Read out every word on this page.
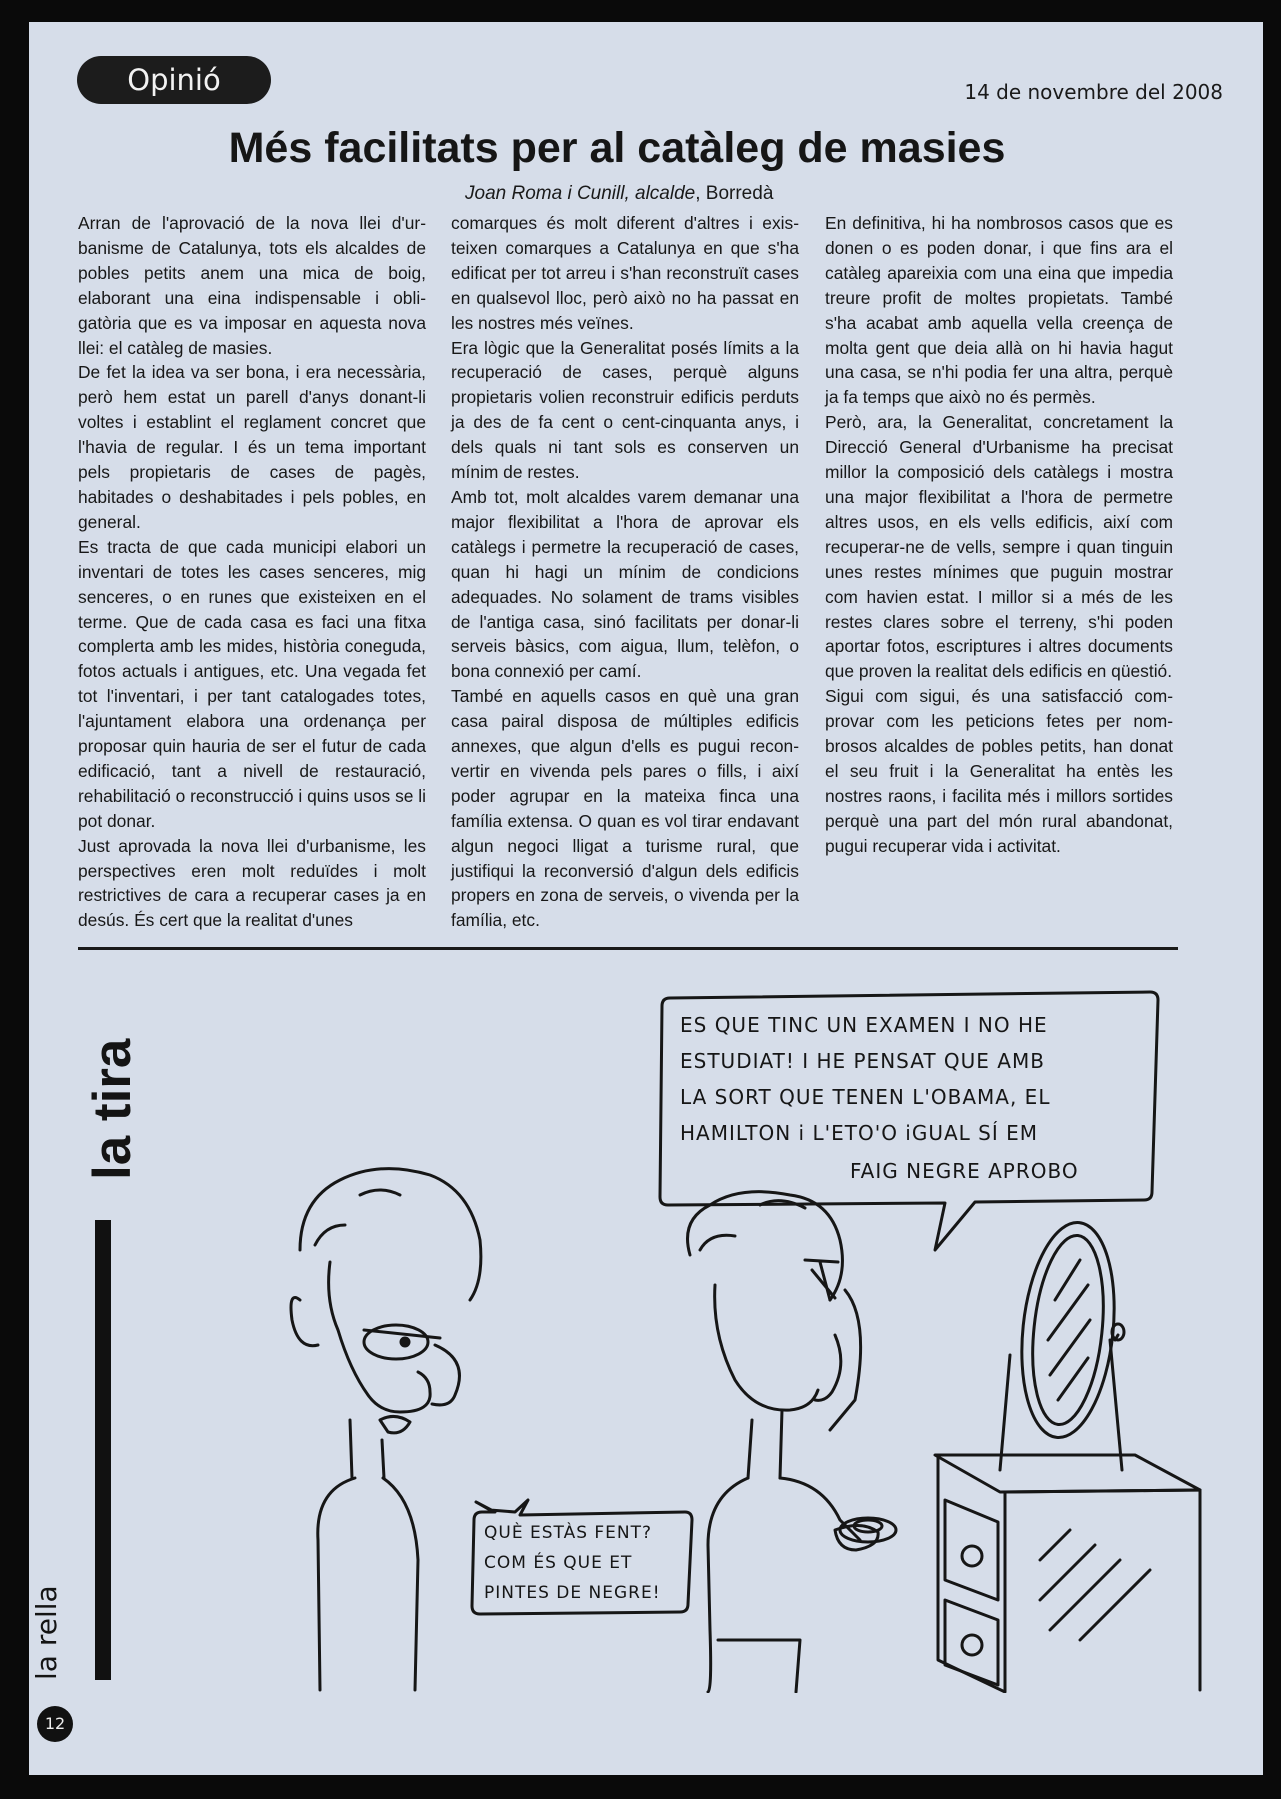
Opinió	14 de novembre del 2008
Més facilitats per al catàleg de masies
Joan Roma i Cunill, alcalde, Borredà

Arran de l'aprovació de la nova llei d'urbanisme de Catalunya, tots els alcaldes de pobles petits anem una mica de boig, elaborant una eina indispensable i obligatòria que es va imposar en aquesta nova llei: el catàleg de masies.

De fet la idea va ser bona, i era necessària, però hem estat un parell d'anys donant-li voltes i establint el reglament concret que l'havia de regular. I és un tema important pels propietaris de cases de pagès, habitades o deshabitades i pels pobles, en general.

Es tracta de que cada municipi elabori un inventari de totes les cases senceres, mig senceres, o en runes que existeixen en el terme. Que de cada casa es faci una fitxa complerta amb les mides, història coneguda, fotos actuals i antigues, etc. Una vegada fet tot l'inventari, i per tant catalogades totes, l'ajuntament elabora una ordenança per proposar quin hauria de ser el futur de cada edificació, tant a nivell de restauració, rehabilitació o reconstrucció i quins usos se li pot donar.

Just aprovada la nova llei d'urbanisme, les perspectives eren molt reduïdes i molt restrictives de cara a recuperar cases ja en desús. És cert que la realitat d'unes

comarques és molt diferent d'altres i existeixen comarques a Catalunya en que s'ha edificat per tot arreu i s'han reconstruït cases en qualsevol lloc, però això no ha passat en les nostres més veïnes.

Era lògic que la Generalitat posés límits a la recuperació de cases, perquè alguns propietaris volien reconstruir edificis perduts ja des de fa cent o cent-cinquanta anys, i dels quals ni tant sols es conserven un mínim de restes.

Amb tot, molt alcaldes varem demanar una major flexibilitat a l'hora de aprovar els catàlegs i permetre la recuperació de cases, quan hi hagi un mínim de condicions adequades. No solament de trams visibles de l'antiga casa, sinó facilitats per donar-li serveis bàsics, com aigua, llum, telèfon, o bona connexió per camí.

També en aquells casos en què una gran casa pairal disposa de múltiples edificis annexes, que algun d'ells es pugui reconvertir en vivenda pels pares o fills, i així poder agrupar en la mateixa finca una família extensa. O quan es vol tirar endavant algun negoci lligat a turisme rural, que justifiqui la reconversió d'algun dels edificis propers en zona de serveis, o vivenda per la família, etc.

En definitiva, hi ha nombrosos casos que es donen o es poden donar, i que fins ara el catàleg apareixia com una eina que impedia treure profit de moltes propietats. També s'ha acabat amb aquella vella creença de molta gent que deia allà on hi havia hagut una casa, se n'hi podia fer una altra, perquè ja fa temps que això no és permès.

Però, ara, la Generalitat, concretament la Direcció General d'Urbanisme ha precisat millor la composició dels catàlegs i mostra una major flexibilitat a l'hora de permetre altres usos, en els vells edificis, així com recuperar-ne de vells, sempre i quan tinguin unes restes mínimes que puguin mostrar com havien estat. I millor si a més de les restes clares sobre el terreny, s'hi poden aportar fotos, escriptures i altres documents que proven la realitat dels edificis en qüestió.

Sigui com sigui, és una satisfacció comprovar com les peticions fetes per nombrosos alcaldes de pobles petits, han donat el seu fruit i la Generalitat ha entès les nostres raons, i facilita més i millors sortides perquè una part del món rural abandonat, pugui recuperar vida i activitat.

la tira
la rella
12
ES QUE TINC UN EXAMEN I NO HE
ESTUDIAT! I HE PENSAT QUE AMB
LA SORT QUE TENEN L'OBAMA, EL
HAMILTON i L'ETO'O iGUAL SÍ EM
FAIG NEGRE APROBO
QUÈ ESTÀS FENT?
COM ÉS QUE ET
PINTES DE NEGRE!
